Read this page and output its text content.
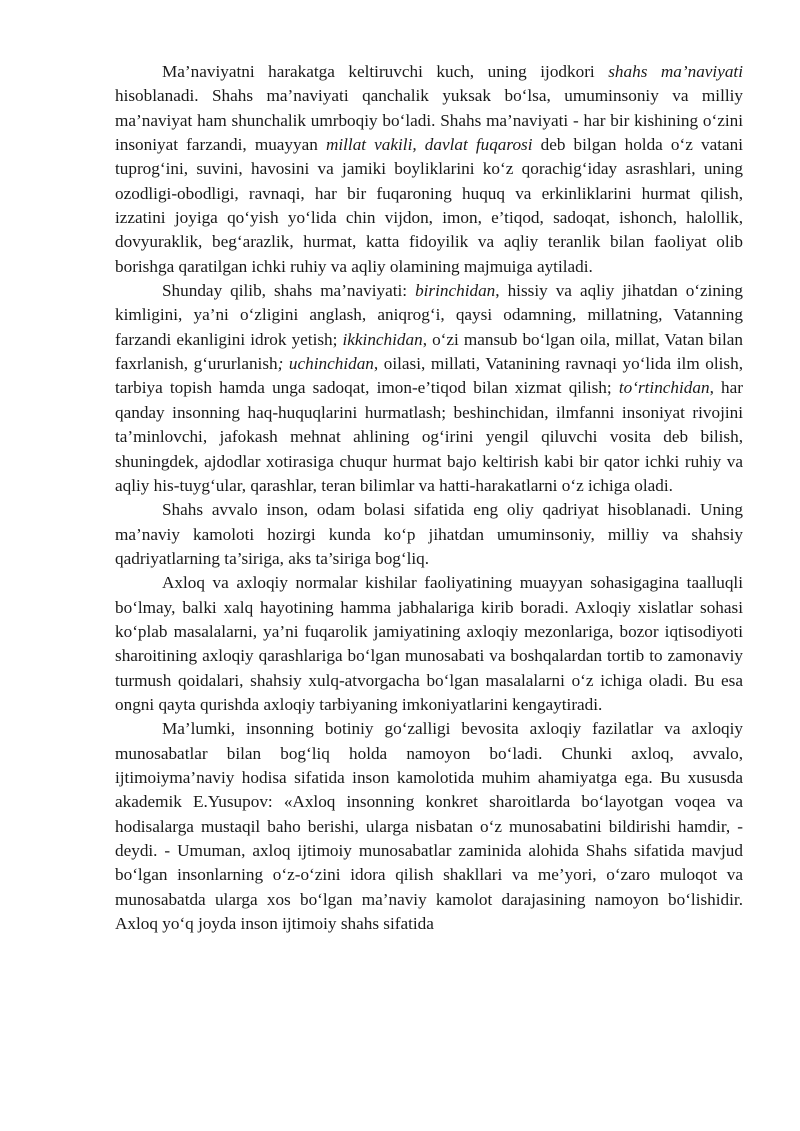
Ma’naviyatni harakatga keltiruvchi kuch, uning ijodkori shahs ma’naviyati hisoblanadi. Shahs ma’naviyati qanchalik yuksak bo‘lsa, umuminsoniy va milliy ma’naviyat ham shunchalik umrboqiy bo‘ladi. Shahs ma’naviyati - har bir kishining o‘zini insoniyat farzandi, muayyan millat vakili, davlat fuqarosi deb bilgan holda o‘z vatani tuprog‘ini, suvini, havosini va jamiki boyliklarini ko‘z qorachig‘iday asrashlari, uning ozodligi-obodligi, ravnaqi, har bir fuqaroning huquq va erkinliklarini hurmat qilish, izzatini joyiga qo‘yish yo‘lida chin vijdon, imon, e’tiqod, sadoqat, ishonch, halollik, dovyuraklik, beg‘arazlik, hurmat, katta fidoyilik va aqliy teranlik bilan faoliyat olib borishga qaratilgan ichki ruhiy va aqliy olamining majmuiga aytiladi.

Shunday qilib, shahs ma’naviyati: birinchidan, hissiy va aqliy jihatdan o‘zining kimligini, ya’ni o‘zligini anglash, aniqrog‘i, qaysi odamning, millatning, Vatanning farzandi ekanligini idrok yetish; ikkinchidan, o‘zi mansub bo‘lgan oila, millat, Vatan bilan faxrlanish, g‘ururlanish; uchinchidan, oilasi, millati, Vatanining ravnaqi yo‘lida ilm olish, tarbiya topish hamda unga sadoqat, imon-e’tiqod bilan xizmat qilish; to‘rtinchidan, har qanday insonning haq-huquqlarini hurmatlash; beshinchidan, ilmfanni insoniyat rivojini ta’minlovchi, jafokash mehnat ahlining og‘irini yengil qiluvchi vosita deb bilish, shuningdek, ajdodlar xotirasiga chuqur hurmat bajo keltirish kabi bir qator ichki ruhiy va aqliy his-tuyg‘ular, qarashlar, teran bilimlar va hatti-harakatlarni o‘z ichiga oladi.

Shahs avvalo inson, odam bolasi sifatida eng oliy qadriyat hisoblanadi. Uning ma’naviy kamoloti hozirgi kunda ko‘p jihatdan umuminsoniy, milliy va shahsiy qadriyatlarning ta’siriga, aks ta’siriga bog‘liq.

Axloq va axloqiy normalar kishilar faoliyatining muayyan sohasigagina taalluqli bo‘lmay, balki xalq hayotining hamma jabhalariga kirib boradi. Axloqiy xislatlar sohasi ko‘plab masalalarni, ya’ni fuqarolik jamiyatining axloqiy mezonlariga, bozor iqtisodiyoti sharoitining axloqiy qarashlariga bo‘lgan munosabati va boshqalardan tortib to zamonaviy turmush qoidalari, shahsiy xulq-atvorgacha bo‘lgan masalalarni o‘z ichiga oladi. Bu esa ongni qayta qurishda axloqiy tarbiyaning imkoniyatlarini kengaytiradi.

Ma’lumki, insonning botiniy go‘zalligi bevosita axloqiy fazilatlar va axloqiy munosabatlar bilan bog‘liq holda namoyon bo‘ladi. Chunki axloq, avvalo, ijtimoiyma’naviy hodisa sifatida inson kamolotida muhim ahamiyatga ega. Bu xususda akademik E.Yusupov: «Axloq insonning konkret sharoitlarda bo‘layotgan voqea va hodisalarga mustaqil baho berishi, ularga nisbatan o‘z munosabatini bildirishi hamdir, - deydi. - Umuman, axloq ijtimoiy munosabatlar zaminida alohida Shahs sifatida mavjud bo‘lgan insonlarning o‘z-o‘zini idora qilish shakllari va me’yori, o‘zaro muloqot va munosabatda ularga xos bo‘lgan ma’naviy kamolot darajasining namoyon bo‘lishidir. Axloq yo‘q joyda inson ijtimoiy shahs sifatida
